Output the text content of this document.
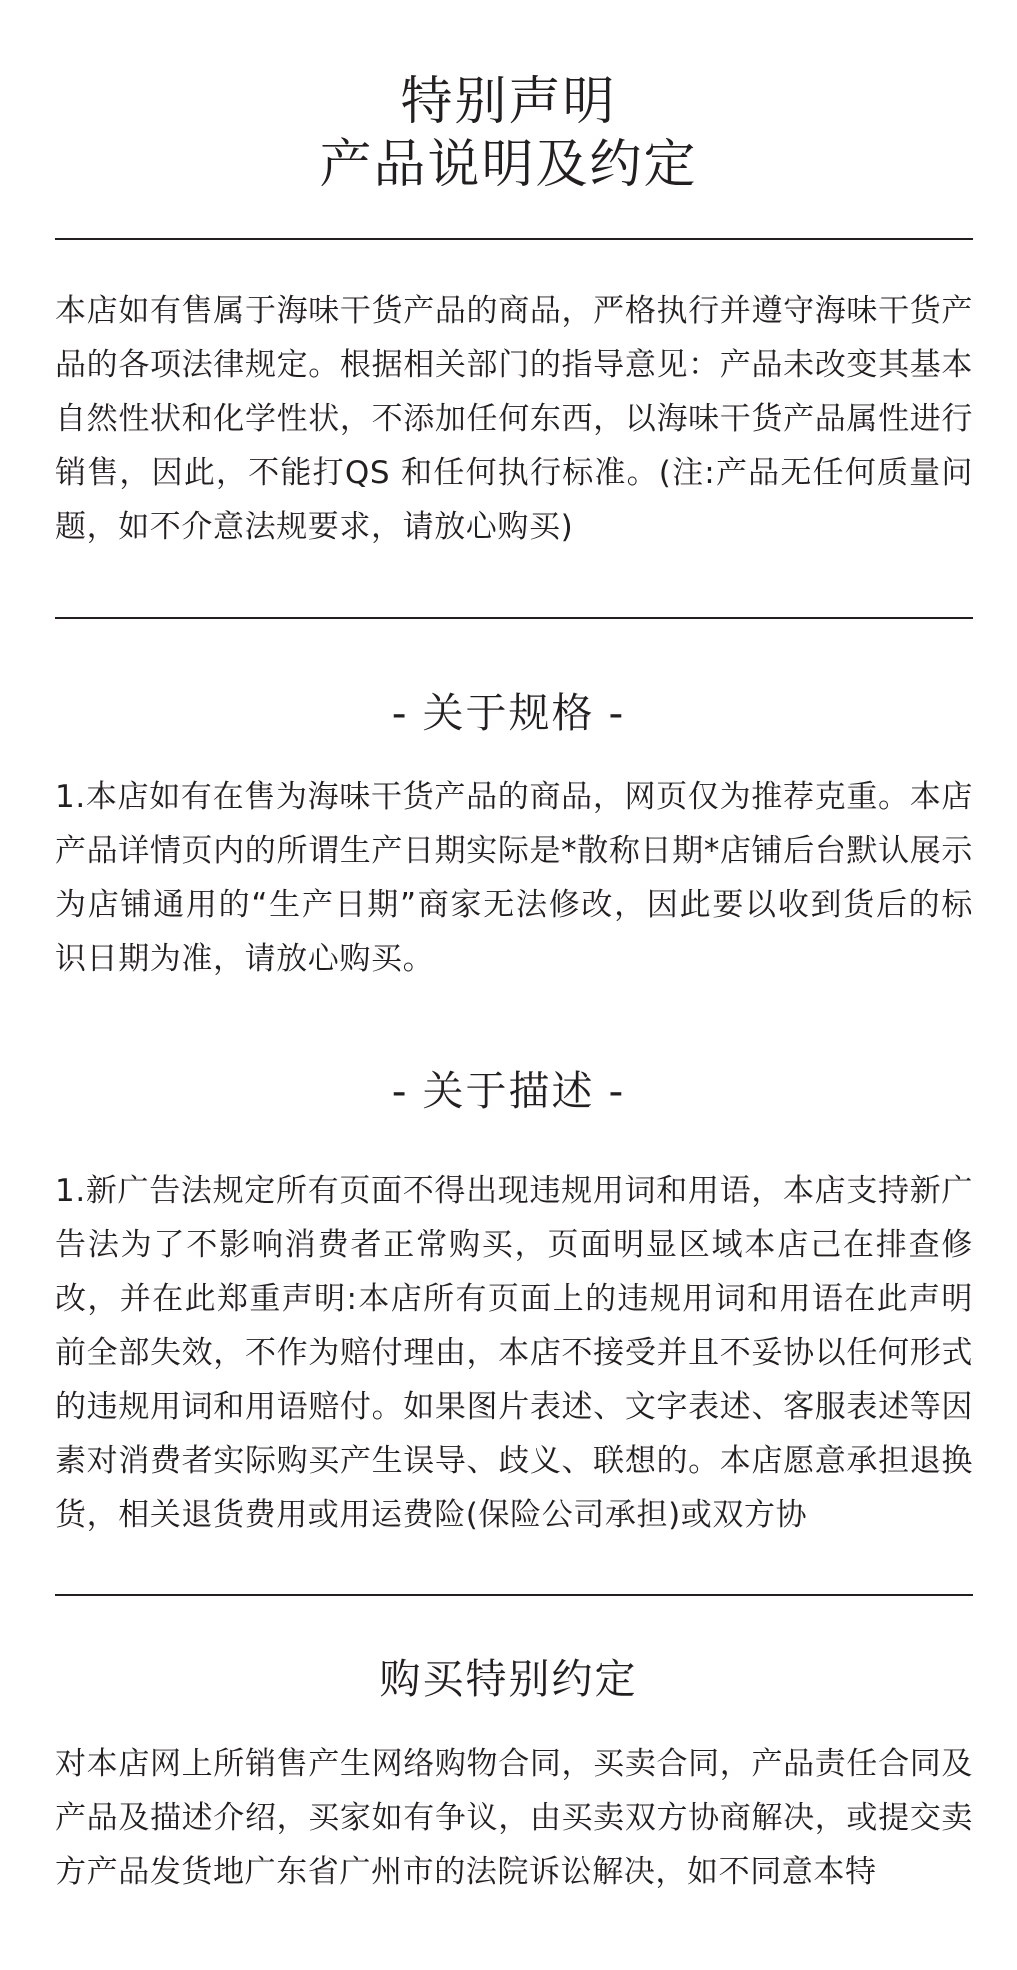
特别声明
产品说明及约定
本店如有售属于海味干货产品的商品，严格执行并遵守海味干货产品的各项法律规定。根据相关部门的指导意见：产品未改变其基本自然性状和化学性状，不添加任何东西，以海味干货产品属性进行销售，因此，不能打QS 和任何执行标准。(注:产品无任何质量问题，如不介意法规要求，请放心购买)
- 关于规格 -
1.本店如有在售为海味干货产品的商品，网页仅为推荐克重。本店产品详情页内的所谓生产日期实际是*散称日期*店铺后台默认展示为店铺通用的“生产日期”商家无法修改，因此要以收到货后的标识日期为准，请放心购买。
- 关于描述 -
1.新广告法规定所有页面不得出现违规用词和用语，本店支持新广告法为了不影响消费者正常购买，页面明显区域本店己在排查修改，并在此郑重声明:本店所有页面上的违规用词和用语在此声明前全部失效，不作为赔付理由，本店不接受并且不妥协以任何形式的违规用词和用语赔付。如果图片表述、文字表述、客服表述等因素对消费者实际购买产生误导、歧义、联想的。本店愿意承担退换货，相关退货费用或用运费险(保险公司承担)或双方协
购买特别约定
对本店网上所销售产生网络购物合同，买卖合同，产品责任合同及产品及描述介绍，买家如有争议，由买卖双方协商解决，或提交卖方产品发货地广东省广州市的法院诉讼解决，如不同意本特
